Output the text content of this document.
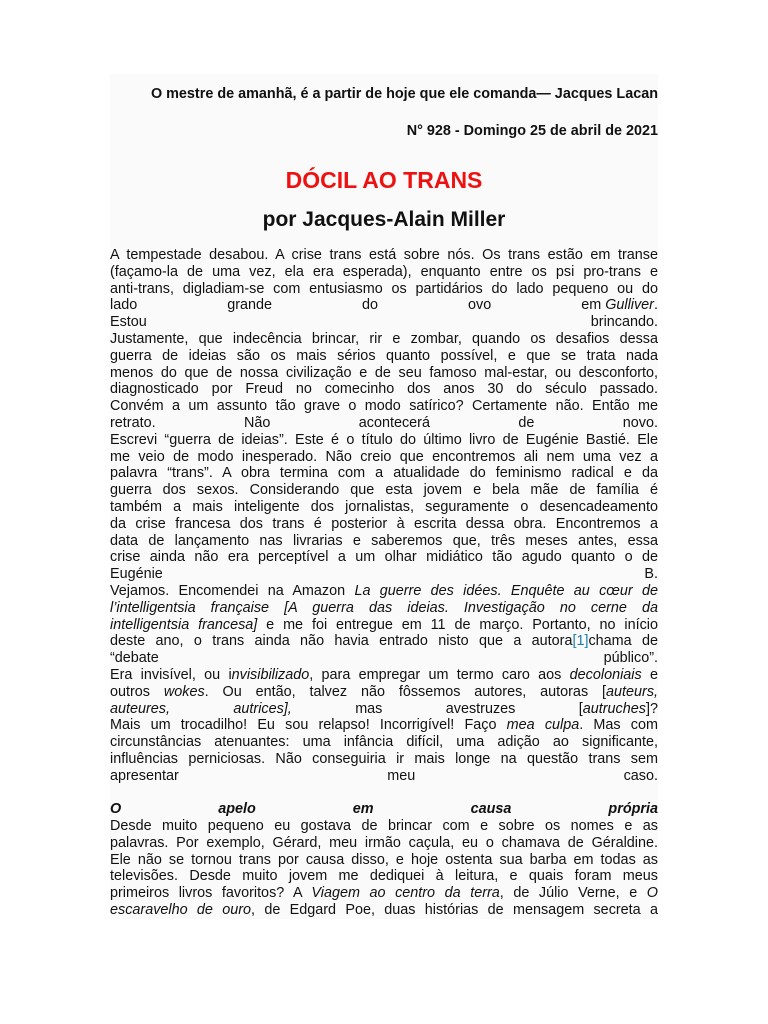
O mestre de amanhã, é a partir de hoje que ele comanda— Jacques Lacan

N° 928 - Domingo 25 de abril de 2021

DÓCIL AO TRANS
por Jacques-Alain Miller
A tempestade desabou. A crise trans está sobre nós. Os trans estão em transe
(façamo-la de uma vez, ela era esperada), enquanto entre os psi pro-trans e
anti-trans, digladiam-se com entusiasmo os partidários do lado pequeno ou do
lado	grande	do	ovo	em Gulliver.
Estou	brincando.
Justamente, que indecência brincar, rir e zombar, quando os desafios dessa
guerra de ideias são os mais sérios quanto possível, e que se trata nada
menos do que de nossa civilização e de seu famoso mal-estar, ou desconforto,
diagnosticado por Freud no comecinho dos anos 30 do século passado.
Convém a um assunto tão grave o modo satírico? Certamente não. Então me
retrato.	Não	acontecerá	de	novo.
Escrevi “guerra de ideias”. Este é o título do último livro de Eugénie Bastié. Ele
me veio de modo inesperado. Não creio que encontremos ali nem uma vez a
palavra “trans”. A obra termina com a atualidade do feminismo radical e da
guerra dos sexos. Considerando que esta jovem e bela mãe de família é
também a mais inteligente dos jornalistas, seguramente o desencadeamento
da crise francesa dos trans é posterior à escrita dessa obra. Encontremos a
data de lançamento nas livrarias e saberemos que, três meses antes, essa
crise ainda não era perceptível a um olhar midiático tão agudo quanto o de
Eugénie	B.
Vejamos. Encomendei na Amazon La guerre des idées. Enquête au cœur de
l’intelligentsia française [A guerra das ideias. Investigação no cerne da
intelligentsia francesa] e me foi entregue em 11 de março. Portanto, no início
deste ano, o trans ainda não havia entrado nisto que a autora[1]chama de
“debate	público”.
Era invisível, ou invisibilizado, para empregar um termo caro aos decoloniais e
outros wokes. Ou então, talvez não fôssemos autores, autoras [auteurs,
auteures,	autrices],	mas	avestruzes	[autruches]?
Mais um trocadilho! Eu sou relapso! Incorrigível! Faço mea culpa. Mas com
circunstâncias atenuantes: uma infância difícil, uma adição ao significante,
influências perniciosas. Não conseguiria ir mais longe na questão trans sem
apresentar	meu	caso.
O	apelo	em	causa	própria
Desde muito pequeno eu gostava de brincar com e sobre os nomes e as
palavras. Por exemplo, Gérard, meu irmão caçula, eu o chamava de Géraldine.
Ele não se tornou trans por causa disso, e hoje ostenta sua barba em todas as
televisões. Desde muito jovem me dediquei à leitura, e quais foram meus
primeiros livros favoritos? A Viagem ao centro da terra, de Júlio Verne, e O
escaravelho de ouro, de Edgard Poe, duas histórias de mensagem secreta a
